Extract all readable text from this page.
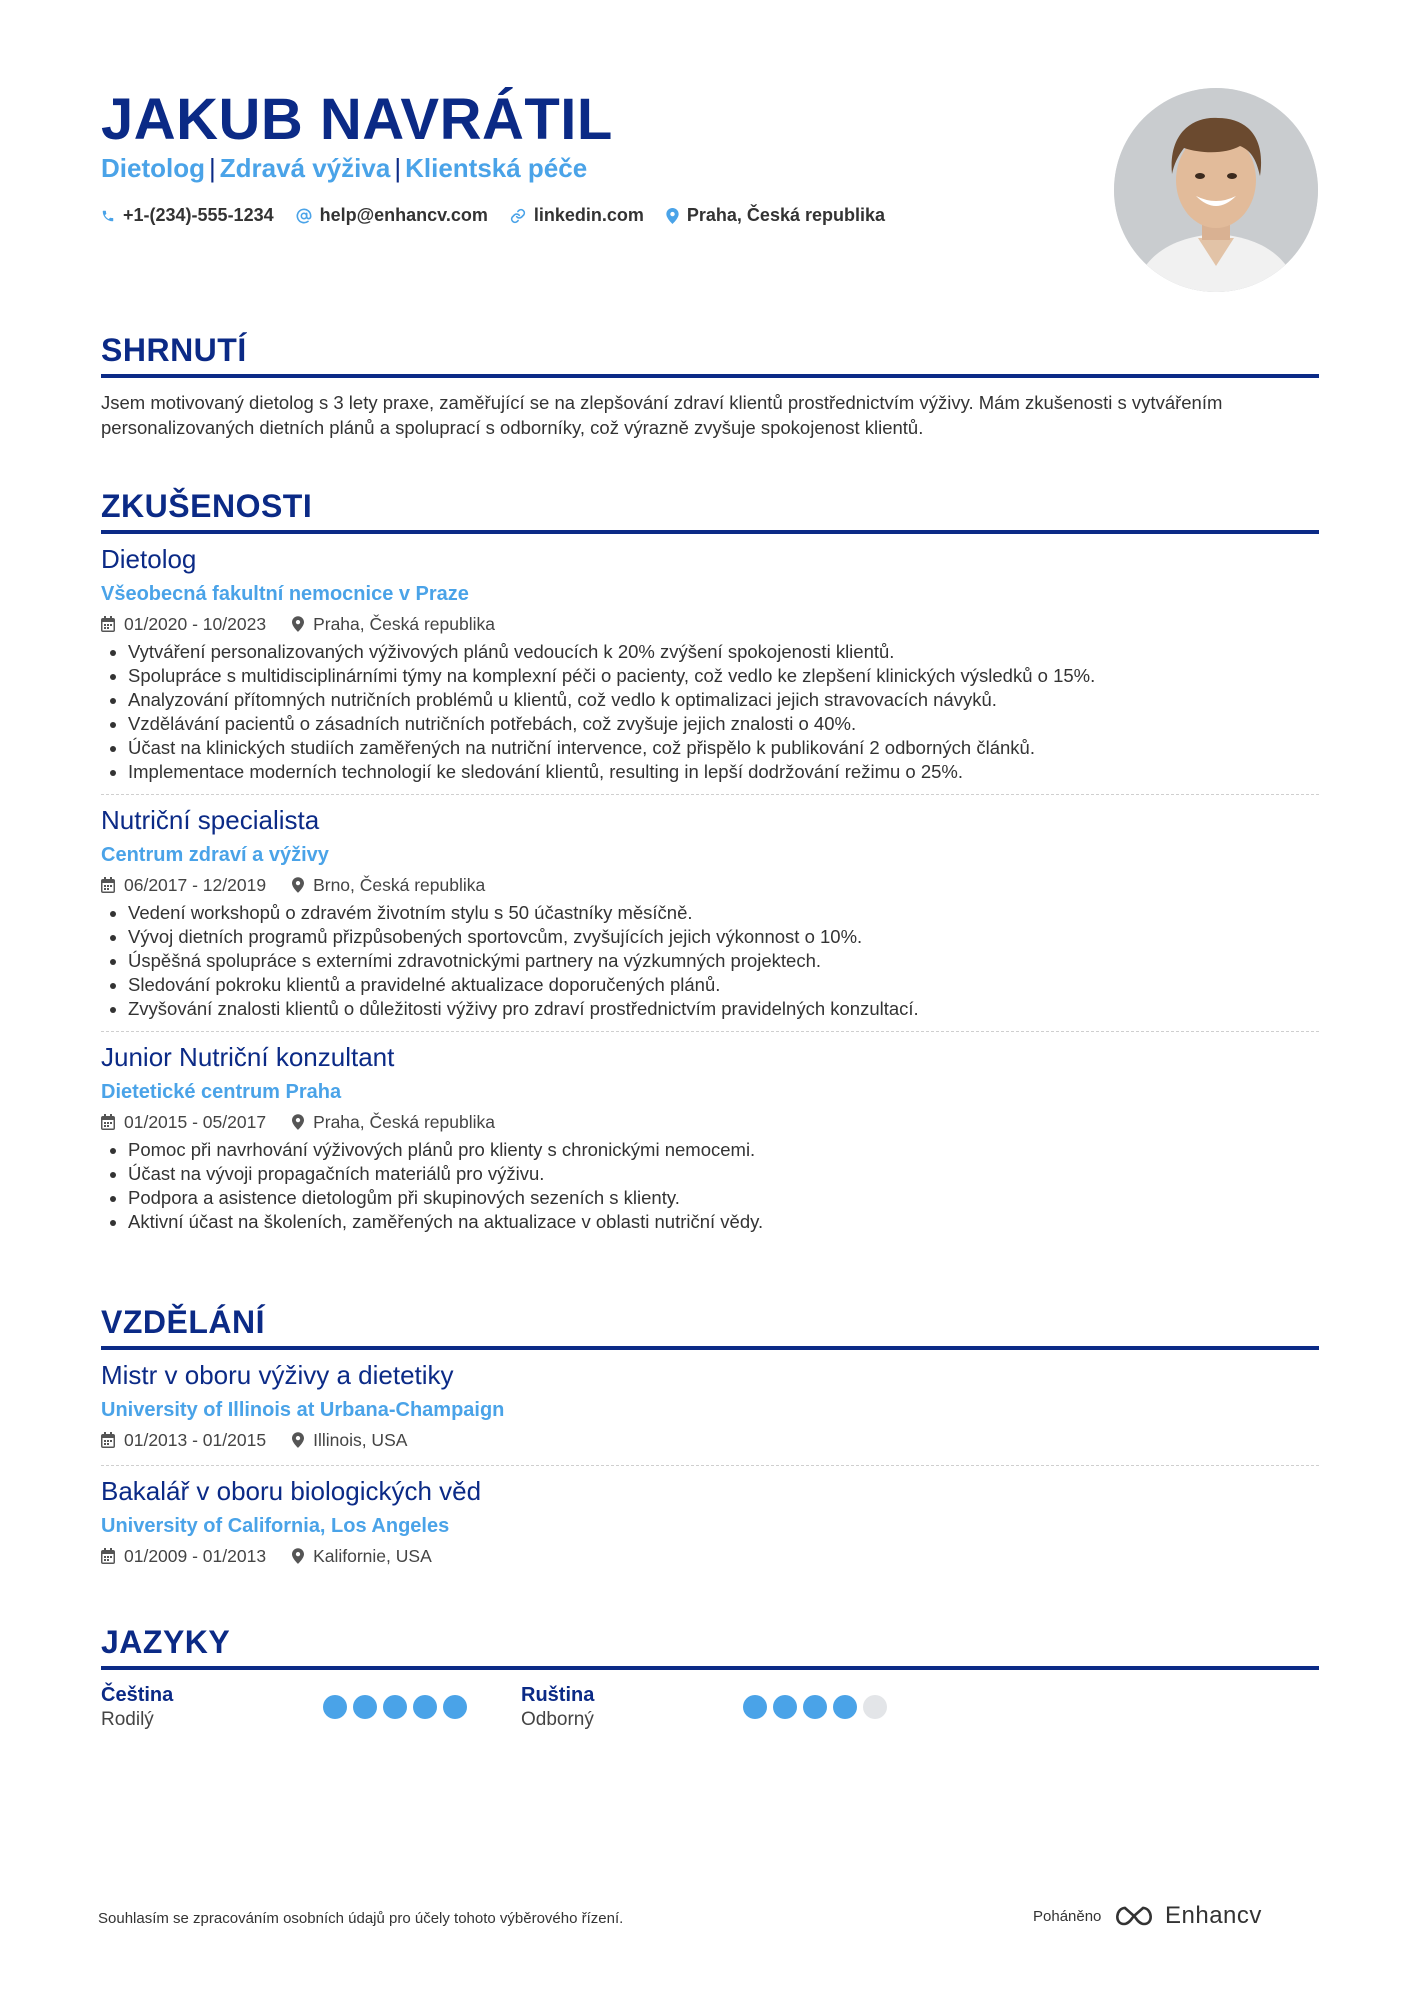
JAKUB NAVRÁTIL
Dietolog | Zdravá výživa | Klientská péče
+1-(234)-555-1234	help@enhancv.com	linkedin.com Praha, Česká republika
SHRNUTÍ

Jsem motivovaný dietolog s 3 lety praxe, zaměřující se na zlepšování zdraví klientů prostřednictvím výživy. Mám zkušenosti s vytvářením personalizovaných dietních plánů a spoluprací s odborníky, což výrazně zvyšuje spokojenost klientů.

ZKUŠENOSTI
Dietolog
Všeobecná fakultní nemocnice v Praze
01/2020 - 10/2023	Praha, Česká republika
• Vytváření personalizovaných výživových plánů vedoucích k 20% zvýšení spokojenosti klientů.
• Spolupráce s multidisciplinárními týmy na komplexní péči o pacienty, což vedlo ke zlepšení klinických výsledků o 15%.
• Analyzování přítomných nutričních problémů u klientů, což vedlo k optimalizaci jejich stravovacích návyků.
• Vzdělávání pacientů o zásadních nutričních potřebách, což zvyšuje jejich znalosti o 40%.
• Účast na klinických studiích zaměřených na nutriční intervence, což přispělo k publikování 2 odborných článků.
• Implementace moderních technologií ke sledování klientů, resulting in lepší dodržování režimu o 25%.
Nutriční specialista
Centrum zdraví a výživy
06/2017 - 12/2019	Brno, Česká republika
• Vedení workshopů o zdravém životním stylu s 50 účastníky měsíčně.
• Vývoj dietních programů přizpůsobených sportovcům, zvyšujících jejich výkonnost o 10%.
• Úspěšná spolupráce s externími zdravotnickými partnery na výzkumných projektech.
• Sledování pokroku klientů a pravidelné aktualizace doporučených plánů.
• Zvyšování znalosti klientů o důležitosti výživy pro zdraví prostřednictvím pravidelných konzultací.
Junior Nutriční konzultant
Dietetické centrum Praha
01/2015 - 05/2017	Praha, Česká republika
• Pomoc při navrhování výživových plánů pro klienty s chronickými nemocemi.
• Účast na vývoji propagačních materiálů pro výživu.
• Podpora a asistence dietologům při skupinových sezeních s klienty.
• Aktivní účast na školeních, zaměřených na aktualizace v oblasti nutriční vědy.
VZDĚLÁNÍ
Mistr v oboru výživy a dietetiky
University of Illinois at Urbana-Champaign
01/2013 - 01/2015	Illinois, USA
Bakalář v oboru biologických věd
University of California, Los Angeles
01/2009 - 01/2013	Kalifornie, USA
JAZYKY
Čeština
Rodilý
Ruština
Odborný
Souhlasím se zpracováním osobních údajů pro účely tohoto výběrového řízení.	Poháněno	Enhancv
